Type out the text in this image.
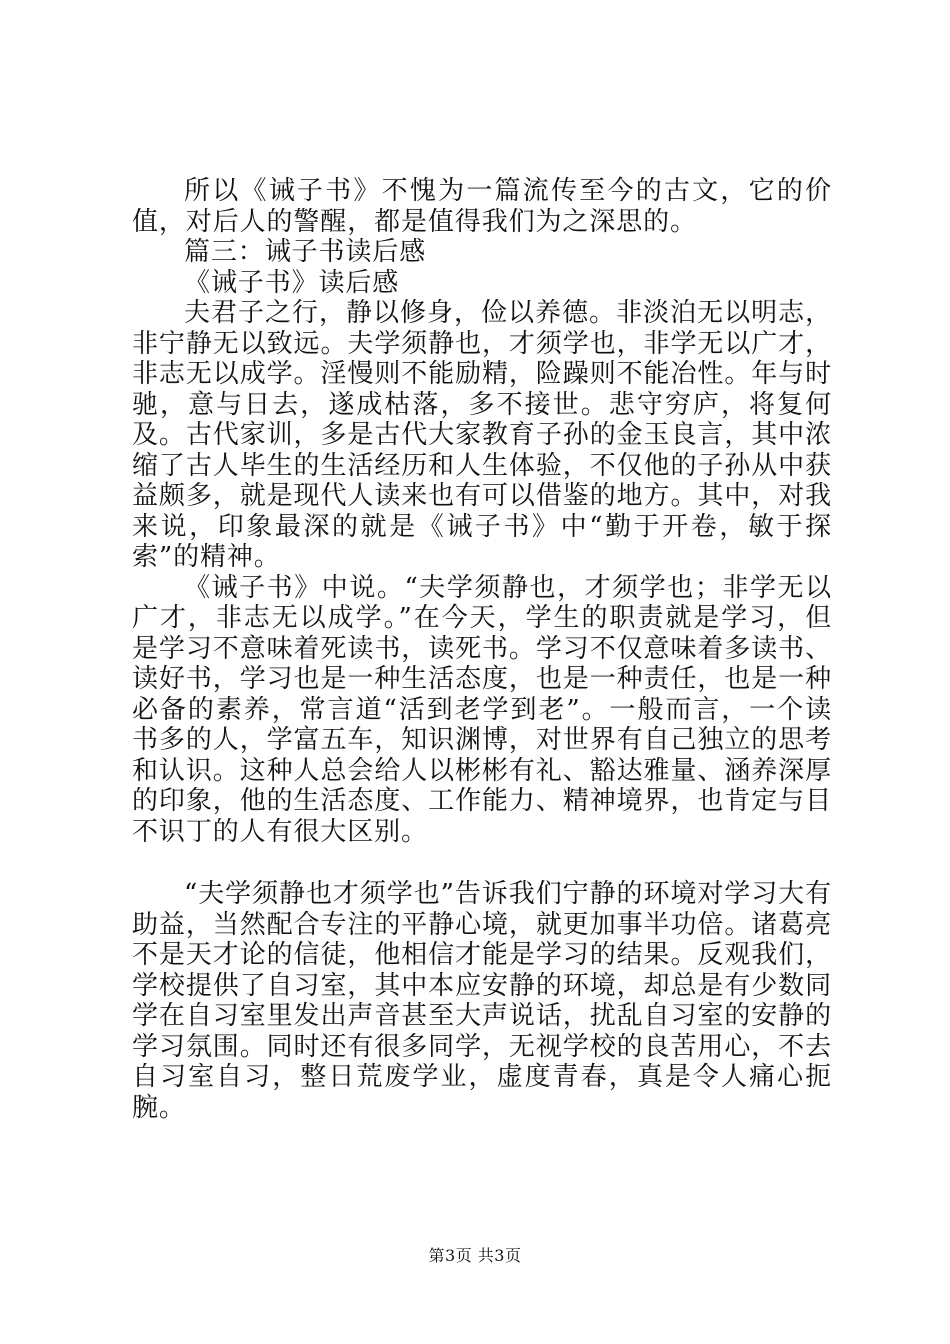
所以《诫子书》不愧为一篇流传至今的古文，它的价值，对后人的警醒，都是值得我们为之深思的。

篇三：诫子书读后感

《诫子书》读后感

夫君子之行，静以修身，俭以养德。非淡泊无以明志，非宁静无以致远。夫学须静也，才须学也，非学无以广才，非志无以成学。淫慢则不能励精，险躁则不能冶性。年与时驰，意与日去，遂成枯落，多不接世。悲守穷庐，将复何及。古代家训，多是古代大家教育子孙的金玉良言，其中浓缩了古人毕生的生活经历和人生体验，不仅他的子孙从中获益颇多，就是现代人读来也有可以借鉴的地方。其中，对我来说，印象最深的就是《诫子书》中“勤于开卷，敏于探索”的精神。

《诫子书》中说。“夫学须静也，才须学也；非学无以广才，非志无以成学。”在今天，学生的职责就是学习，但是学习不意味着死读书，读死书。学习不仅意味着多读书、读好书，学习也是一种生活态度，也是一种责任，也是一种必备的素养，常言道“活到老学到老”。一般而言，一个读书多的人，学富五车，知识渊博，对世界有自己独立的思考和认识。这种人总会给人以彬彬有礼、豁达雅量、涵养深厚的印象，他的生活态度、工作能力、精神境界，也肯定与目不识丁的人有很大区别。

“夫学须静也才须学也”告诉我们宁静的环境对学习大有助益，当然配合专注的平静心境，就更加事半功倍。诸葛亮不是天才论的信徒，他相信才能是学习的结果。反观我们，学校提供了自习室，其中本应安静的环境，却总是有少数同学在自习室里发出声音甚至大声说话，扰乱自习室的安静的学习氛围。同时还有很多同学，无视学校的良苦用心，不去自习室自习，整日荒废学业，虚度青春，真是令人痛心扼腕。

第3页 共3页
